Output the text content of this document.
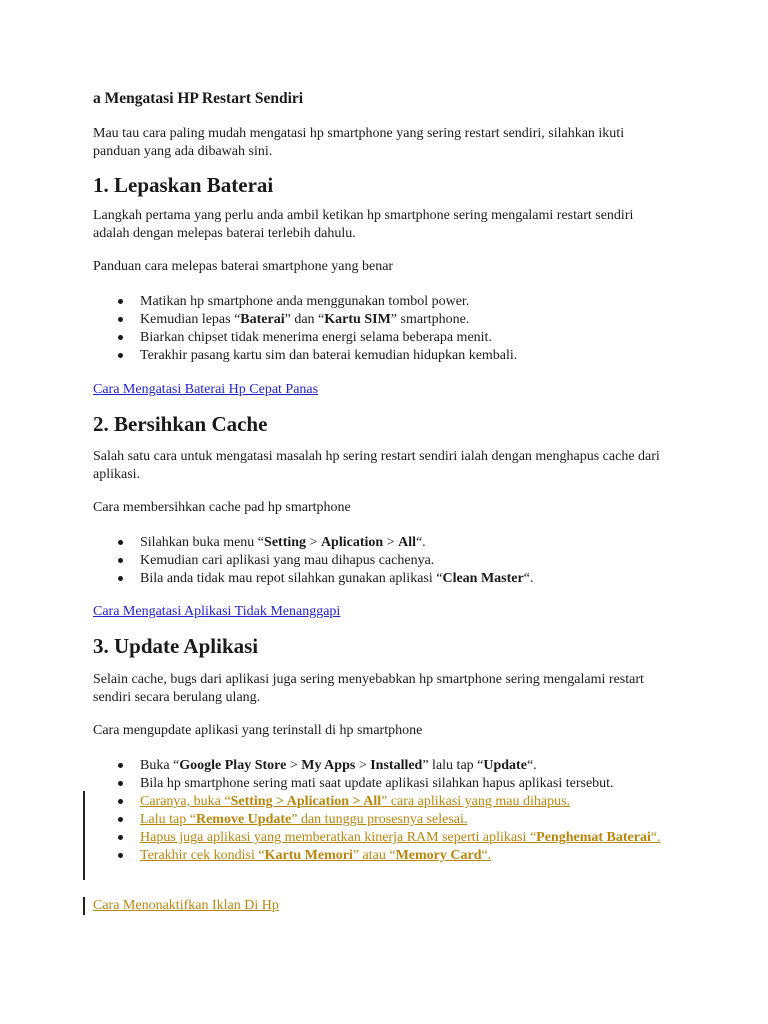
a Mengatasi HP Restart Sendiri

Mau tau cara paling mudah mengatasi hp smartphone yang sering restart sendiri, silahkan ikuti panduan yang ada dibawah sini.

1. Lepaskan Baterai

Langkah pertama yang perlu anda ambil ketikan hp smartphone sering mengalami restart sendiri adalah dengan melepas baterai terlebih dahulu.

Panduan cara melepas baterai smartphone yang benar

Matikan hp smartphone anda menggunakan tombol power.
Kemudian lepas “Baterai” dan “Kartu SIM” smartphone.
Biarkan chipset tidak menerima energi selama beberapa menit.
Terakhir pasang kartu sim dan baterai kemudian hidupkan kembali.
Cara Mengatasi Baterai Hp Cepat Panas
2. Bersihkan Cache

Salah satu cara untuk mengatasi masalah hp sering restart sendiri ialah dengan menghapus cache dari aplikasi.

Cara membersihkan cache pad hp smartphone

Silahkan buka menu “Setting > Aplication > All“.
Kemudian cari aplikasi yang mau dihapus cachenya.
Bila anda tidak mau repot silahkan gunakan aplikasi “Clean Master“.
Cara Mengatasi Aplikasi Tidak Menanggapi
3. Update Aplikasi

Selain cache, bugs dari aplikasi juga sering menyebabkan hp smartphone sering mengalami restart sendiri secara berulang ulang.

Cara mengupdate aplikasi yang terinstall di hp smartphone

Buka “Google Play Store > My Apps > Installed” lalu tap “Update“.
Bila hp smartphone sering mati saat update aplikasi silahkan hapus aplikasi tersebut.
Caranya, buka “Setting > Aplication > All” cara aplikasi yang mau dihapus.
Lalu tap “Remove Update” dan tunggu prosesnya selesai.
Hapus juga aplikasi yang memberatkan kinerja RAM seperti aplikasi “Penghemat Baterai“.
Terakhir cek kondisi “Kartu Memori” atau “Memory Card“.
Cara Menonaktifkan Iklan Di Hp
